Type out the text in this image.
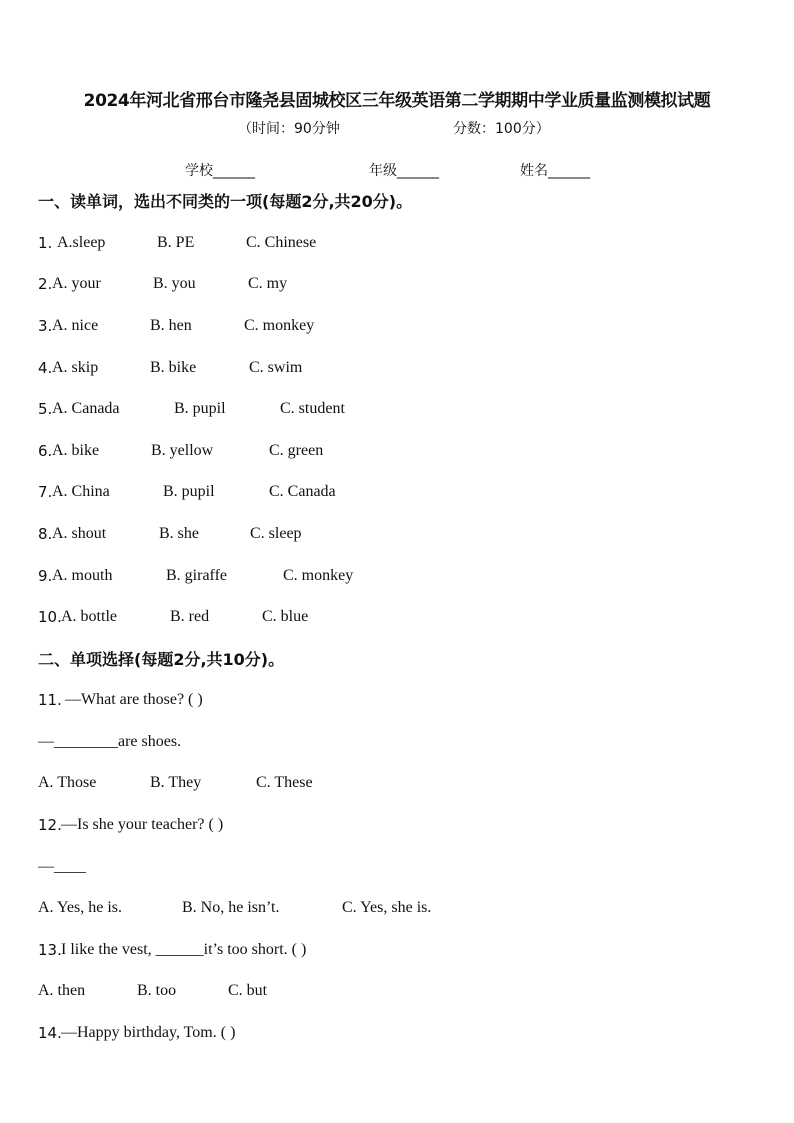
2024年河北省邢台市隆尧县固城校区三年级英语第二学期期中学业质量监测模拟试题
（时间：90分钟	分数：100分）
学校______	年级______	姓名______
一、读单词，选出不同类的一项(每题2分,共20分)。
1. A.sleep	B. PE	C. Chinese
2. A. your	B. you	C. my
3. A. nice	B. hen	C. monkey
4. A. skip	B. bike	C. swim
5. A. Canada	B. pupil	C. student
6. A. bike	B. yellow	C. green
7. A. China	B. pupil	C. Canada
8. A. shout	B. she	C. sleep
9. A. mouth	B. giraffe	C. monkey
10. A. bottle	B. red	C. blue
二、单项选择(每题2分,共10分)。
11. —What are those? ( )
—________are shoes.
A. Those	B. They	C. These
12. —Is she your teacher? ( )
—____
A. Yes, he is.	B. No, he isn’t.	C. Yes, she is.
13. I like the vest, ______it’s too short. ( )
A. then	B. too	C. but
14. —Happy birthday, Tom. ( )
